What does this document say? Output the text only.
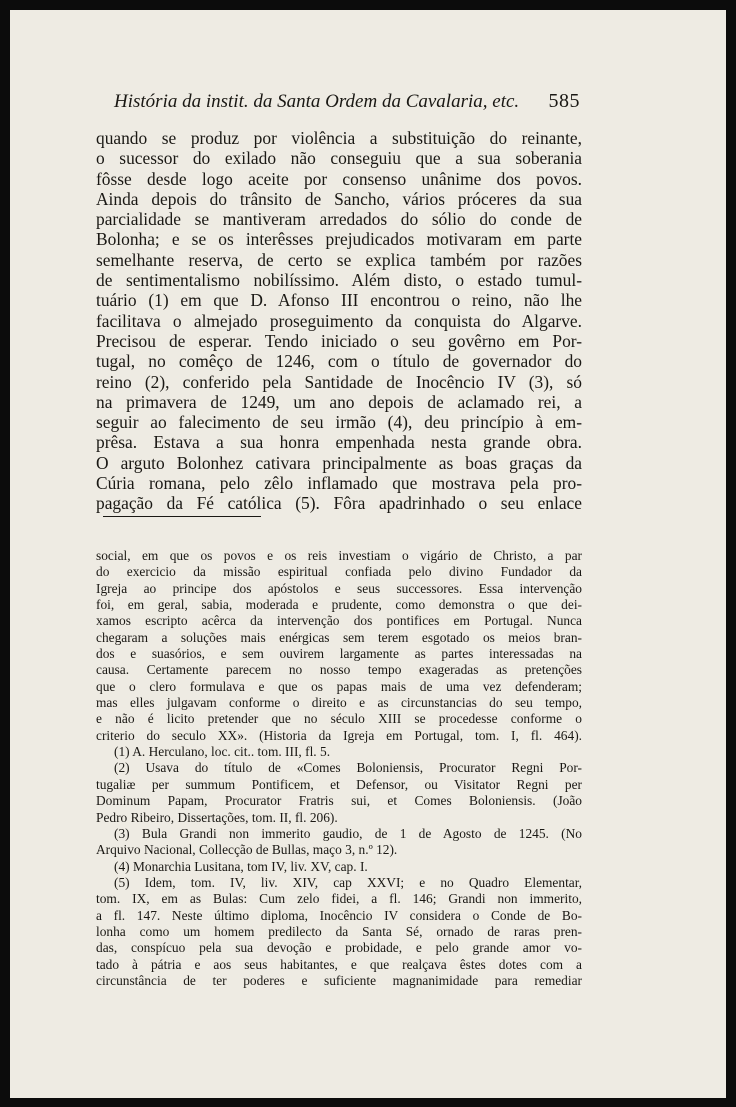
História da instit. da Santa Ordem da Cavalaria, etc. 585
quando se produz por violência a substituição do reinante,
o sucessor do exilado não conseguiu que a sua soberania
fôsse desde logo aceite por consenso unânime dos povos.
Ainda depois do trânsito de Sancho, vários próceres da sua
parcialidade se mantiveram arredados do sólio do conde de
Bolonha; e se os interêsses prejudicados motivaram em parte
semelhante reserva, de certo se explica também por razões
de sentimentalismo nobilíssimo. Além disto, o estado tumul-
tuário (1) em que D. Afonso III encontrou o reino, não lhe
facilitava o almejado proseguimento da conquista do Algarve.
Precisou de esperar. Tendo iniciado o seu govêrno em Por-
tugal, no comêço de 1246, com o título de governador do
reino (2), conferido pela Santidade de Inocêncio IV (3), só
na primavera de 1249, um ano depois de aclamado rei, a
seguir ao falecimento de seu irmão (4), deu princípio à em-
prêsa. Estava a sua honra empenhada nesta grande obra.
O arguto Bolonhez cativara principalmente as boas graças da
Cúria romana, pelo zêlo inflamado que mostrava pela pro-
pagação da Fé católica (5). Fôra apadrinhado o seu enlace
social, em que os povos e os reis investiam o vigário de Christo, a par
do exercicio da missão espiritual confiada pelo divino Fundador da
Igreja ao principe dos apóstolos e seus successores. Essa intervenção
foi, em geral, sabia, moderada e prudente, como demonstra o que dei-
xamos escripto acêrca da intervenção dos pontifices em Portugal. Nunca
chegaram a soluções mais enérgicas sem terem esgotado os meios bran-
dos e suasórios, e sem ouvirem largamente as partes interessadas na
causa. Certamente parecem no nosso tempo exageradas as pretenções
que o clero formulava e que os papas mais de uma vez defenderam;
mas elles julgavam conforme o direito e as circunstancias do seu tempo,
e não é licito pretender que no século XIII se procedesse conforme o
criterio do seculo XX». (Historia da Igreja em Portugal, tom. I, fl. 464).
(1) A. Herculano, loc. cit.. tom. III, fl. 5.
(2) Usava do título de «Comes Boloniensis, Procurator Regni Por-
tugaliæ per summum Pontificem, et Defensor, ou Visitator Regni per
Dominum Papam, Procurator Fratris sui, et Comes Boloniensis. (João
Pedro Ribeiro, Dissertações, tom. II, fl. 206).
(3) Bula Grandi non immerito gaudio, de 1 de Agosto de 1245. (No
Arquivo Nacional, Collecção de Bullas, maço 3, n.º 12).
(4) Monarchia Lusitana, tom IV, liv. XV, cap. I.
(5) Idem, tom. IV, liv. XIV, cap XXVI; e no Quadro Elementar,
tom. IX, em as Bulas: Cum zelo fidei, a fl. 146; Grandi non immerito,
a fl. 147. Neste último diploma, Inocêncio IV considera o Conde de Bo-
lonha como um homem predilecto da Santa Sé, ornado de raras pren-
das, conspícuo pela sua devoção e probidade, e pelo grande amor vo-
tado à pátria e aos seus habitantes, e que realçava êstes dotes com a
circunstância de ter poderes e suficiente magnanimidade para remediar
